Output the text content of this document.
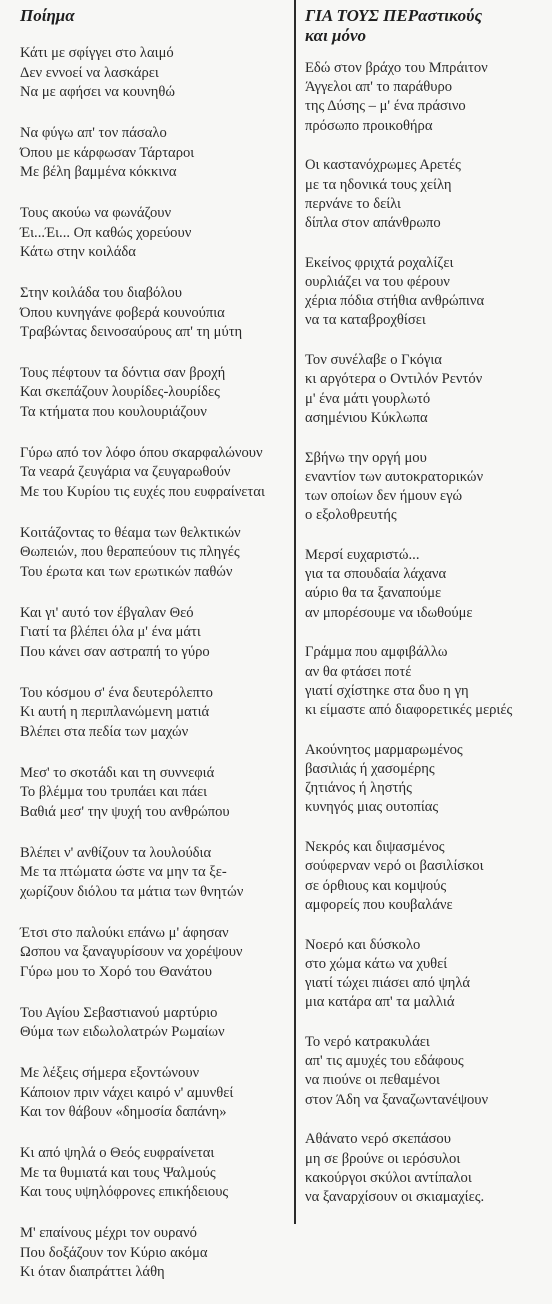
Ποίημα

Κάτι με σφίγγει στο λαιμό
Δεν εννοεί να λασκάρει
Να με αφήσει να κουνηθώ

Να φύγω απ' τον πάσαλο
Όπου με κάρφωσαν Τάρταροι
Με βέλη βαμμένα κόκκινα

Τους ακούω να φωνάζουν
Έι...Έι... Οπ καθώς χορεύουν
Κάτω στην κοιλάδα

Στην κοιλάδα του διαβόλου
Όπου κυνηγάνε φοβερά κουνούπια
Τραβώντας δεινοσαύρους απ' τη μύτη

Τους πέφτουν τα δόντια σαν βροχή
Και σκεπάζουν λουρίδες-λουρίδες
Τα κτήματα που κουλουριάζουν

Γύρω από τον λόφο όπου σκαρφαλώνουν
Τα νεαρά ζευγάρια να ζευγαρωθούν
Με του Κυρίου τις ευχές που ευφραίνεται

Κοιτάζοντας το θέαμα των θελκτικών
Θωπειών, που θεραπεύουν τις πληγές
Του έρωτα και των ερωτικών παθών

Και γι' αυτό τον έβγαλαν Θεό
Γιατί τα βλέπει όλα μ' ένα μάτι
Που κάνει σαν αστραπή το γύρο

Του κόσμου σ' ένα δευτερόλεπτο
Κι αυτή η περιπλανώμενη ματιά
Βλέπει στα πεδία των μαχών

Μεσ' το σκοτάδι και τη συννεφιά
Το βλέμμα του τρυπάει και πάει
Βαθιά μεσ' την ψυχή του ανθρώπου

Βλέπει ν' ανθίζουν τα λουλούδια
Με τα πτώματα ώστε να μην τα ξε-
χωρίζουν διόλου τα μάτια των θνητών

Έτσι στο παλούκι επάνω μ' άφησαν
Ωσπου να ξαναγυρίσουν να χορέψουν
Γύρω μου το Χορό του Θανάτου

Του Αγίου Σεβαστιανού μαρτύριο
Θύμα των ειδωλολατρών Ρωμαίων

Με λέξεις σήμερα εξοντώνουν
Κάποιον πριν νάχει καιρό ν' αμυνθεί
Και τον θάβουν «δημοσία δαπάνη»

Κι από ψηλά ο Θεός ευφραίνεται
Με τα θυμιατά και τους Ψαλμούς
Και τους υψηλόφρονες επικήδειους

Μ' επαίνους μέχρι τον ουρανό
Που δοξάζουν τον Κύριο ακόμα
Κι όταν διαπράττει λάθη

ΓΙΑ ΤΟΥΣ ΠΕΡαστικούς
και μόνο

Εδώ στον βράχο του Μπράιτον
Άγγελοι απ' το παράθυρο
της Δύσης – μ' ένα πράσινο
πρόσωπο προικοθήρα

Οι καστανόχρωμες Αρετές
με τα ηδονικά τους χείλη
περνάνε το δείλι
δίπλα στον απάνθρωπο

Εκείνος φριχτά ροχαλίζει
ουρλιάζει να του φέρουν
χέρια πόδια στήθια ανθρώπινα
να τα καταβροχθίσει

Τον συνέλαβε ο Γκόγια
κι αργότερα ο Οντιλόν Ρεντόν
μ' ένα μάτι γουρλωτό
ασημένιου Κύκλωπα

Σβήνω την οργή μου
εναντίον των αυτοκρατορικών
των οποίων δεν ήμουν εγώ
ο εξολοθρευτής

Μερσί ευχαριστώ...
για τα σπουδαία λάχανα
αύριο θα τα ξαναπούμε
αν μπορέσουμε να ιδωθούμε

Γράμμα που αμφιβάλλω
αν θα φτάσει ποτέ
γιατί σχίστηκε στα δυο η γη
κι είμαστε από διαφορετικές μεριές

Ακούνητος μαρμαρωμένος
βασιλιάς ή χασομέρης
ζητιάνος ή ληστής
κυνηγός μιας ουτοπίας

Νεκρός και διψασμένος
σούφερναν νερό οι βασιλίσκοι
σε όρθιους και κομψούς
αμφορείς που κουβαλάνε

Νοερό και δύσκολο
στο χώμα κάτω να χυθεί
γιατί τώχει πιάσει από ψηλά
μια κατάρα απ' τα μαλλιά

Το νερό κατρακυλάει
απ' τις αμυχές του εδάφους
να πιούνε οι πεθαμένοι
στον Άδη να ξαναζωντανέψουν

Αθάνατο νερό σκεπάσου
μη σε βρούνε οι ιερόσυλοι
κακούργοι σκύλοι αντίπαλοι
να ξαναρχίσουν οι σκιαμαχίες.
